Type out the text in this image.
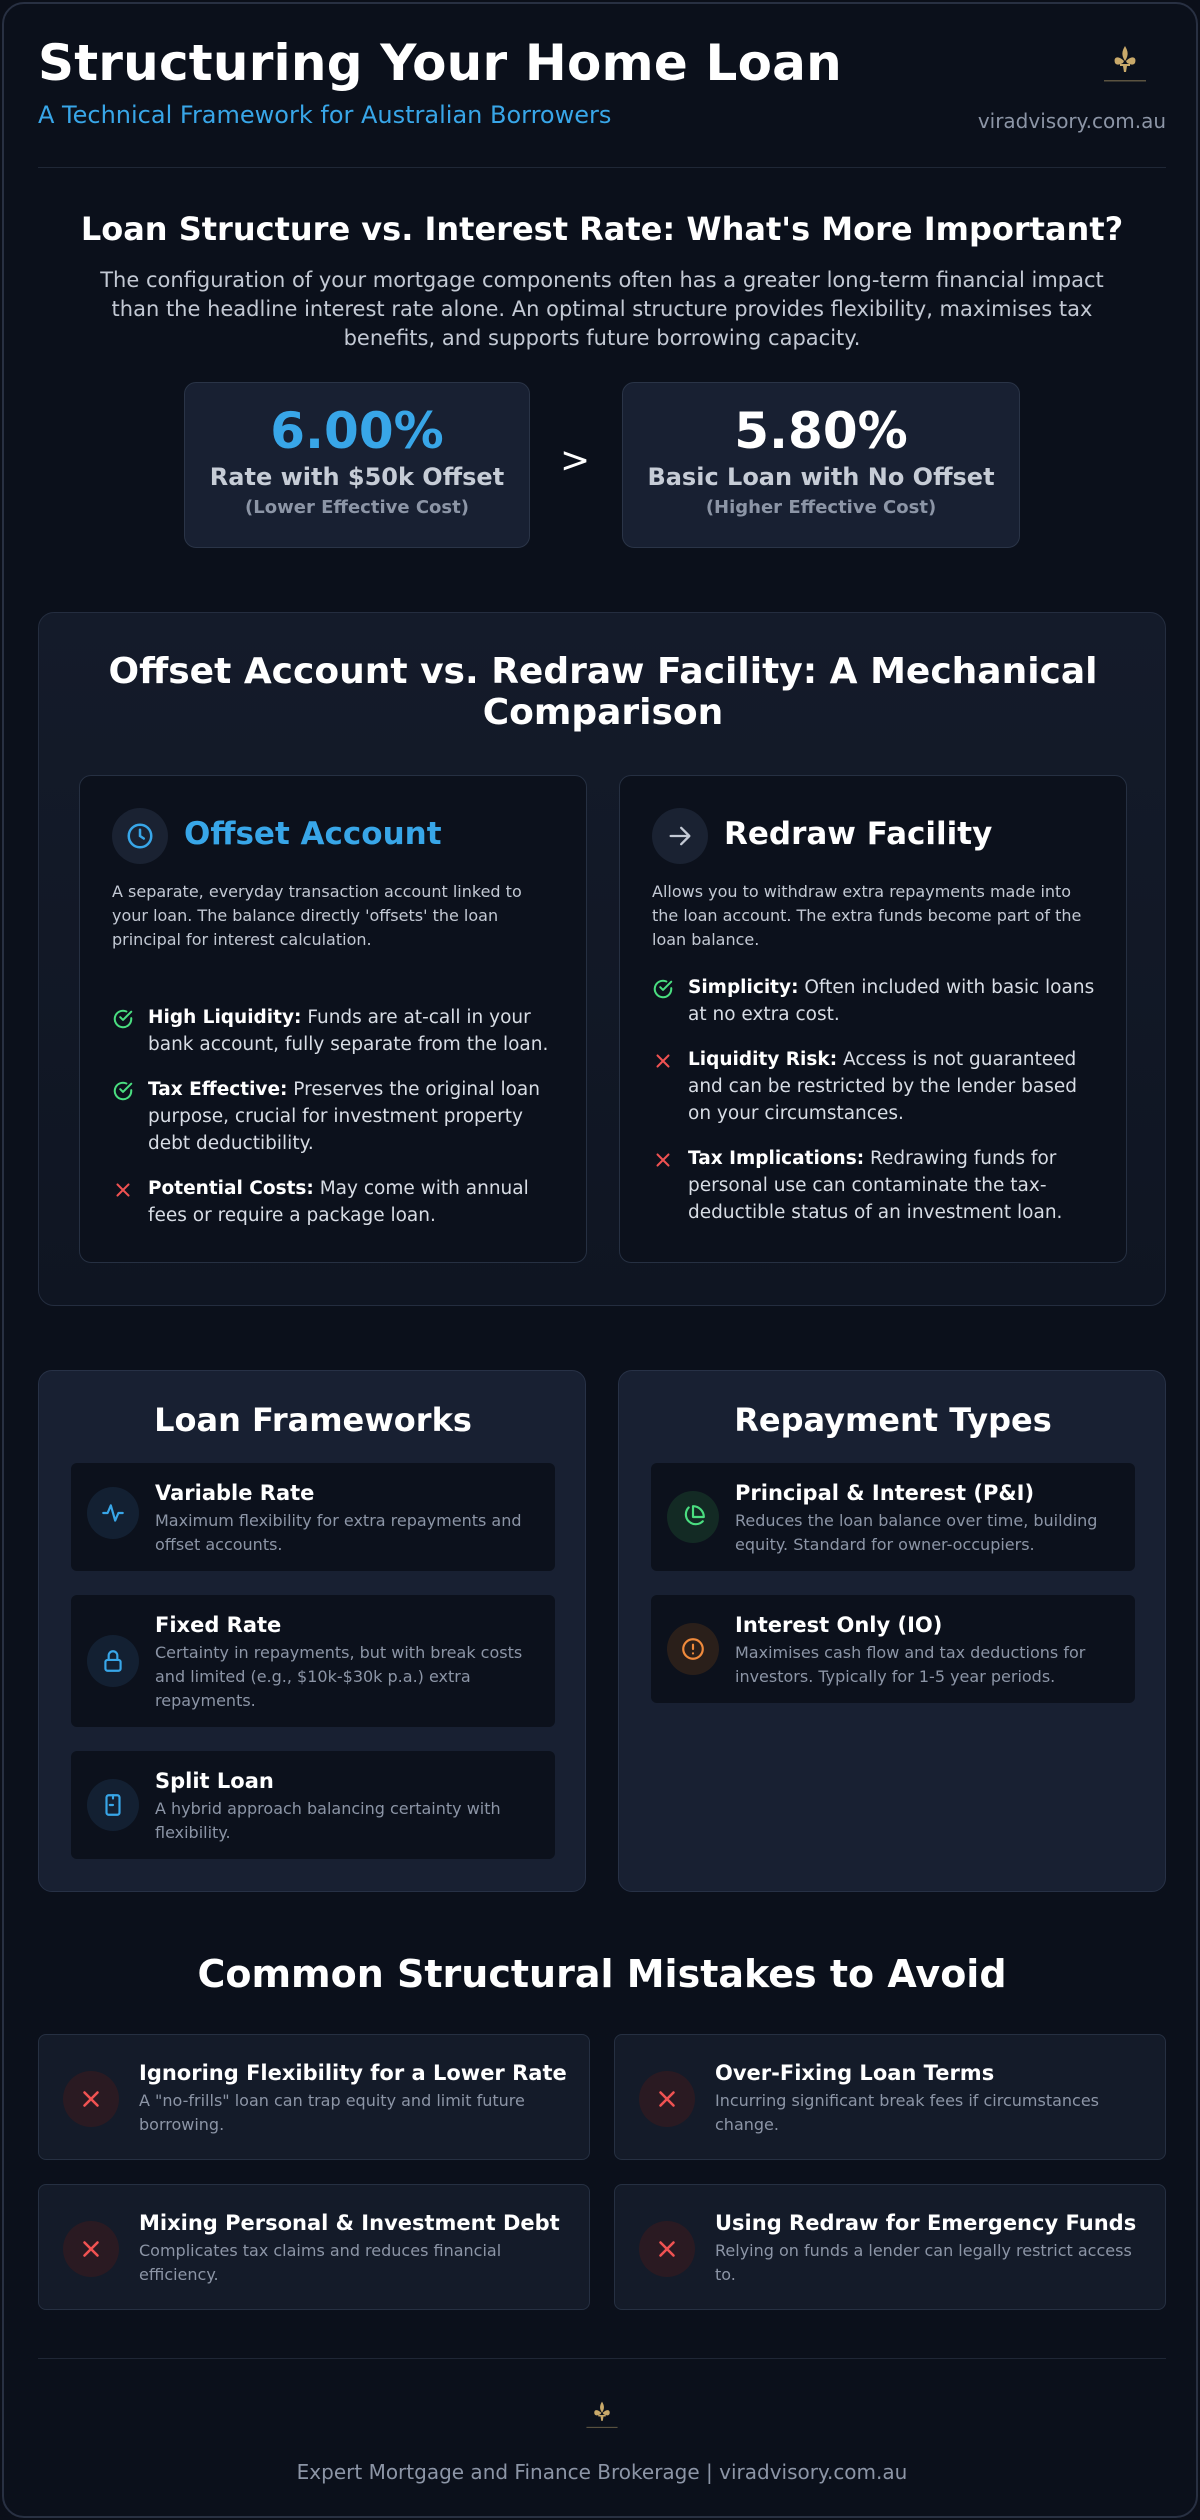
Structuring Your Home Loan
A Technical Framework for Australian Borrowers	viradvisory.com.au
Loan Structure vs. Interest Rate: What's More Important?
The configuration of your mortgage components often has a greater long-term financial impact than the headline interest rate alone. An optimal structure provides flexibility, maximises tax benefits, and supports future borrowing capacity.
6.00%
Rate with $50k Offset
(Lower Effective Cost)
>
5.80%
Basic Loan with No Offset
(Higher Effective Cost)
Offset Account vs. Redraw Facility: A Mechanical Comparison
Offset Account
A separate, everyday transaction account linked to your loan. The balance directly 'offsets' the loan principal for interest calculation.
High Liquidity: Funds are at-call in your bank account, fully separate from the loan.
Tax Effective: Preserves the original loan purpose, crucial for investment property debt deductibility.
Potential Costs: May come with annual fees or require a package loan.
Redraw Facility
Allows you to withdraw extra repayments made into the loan account. The extra funds become part of the loan balance.
Simplicity: Often included with basic loans at no extra cost.
Liquidity Risk: Access is not guaranteed and can be restricted by the lender based on your circumstances.
Tax Implications: Redrawing funds for personal use can contaminate the tax-deductible status of an investment loan.
Loan Frameworks
Variable Rate
Maximum flexibility for extra repayments and offset accounts.
Fixed Rate
Certainty in repayments, but with break costs and limited (e.g., $10k-$30k p.a.) extra repayments.
Split Loan
A hybrid approach balancing certainty with flexibility.
Repayment Types
Principal & Interest (P&I)
Reduces the loan balance over time, building equity. Standard for owner-occupiers.
Interest Only (IO)
Maximises cash flow and tax deductions for investors. Typically for 1-5 year periods.
Common Structural Mistakes to Avoid
Ignoring Flexibility for a Lower Rate
A "no-frills" loan can trap equity and limit future borrowing.
Over-Fixing Loan Terms
Incurring significant break fees if circumstances change.
Mixing Personal & Investment Debt
Complicates tax claims and reduces financial efficiency.
Using Redraw for Emergency Funds
Relying on funds a lender can legally restrict access to.
Expert Mortgage and Finance Brokerage | viradvisory.com.au
